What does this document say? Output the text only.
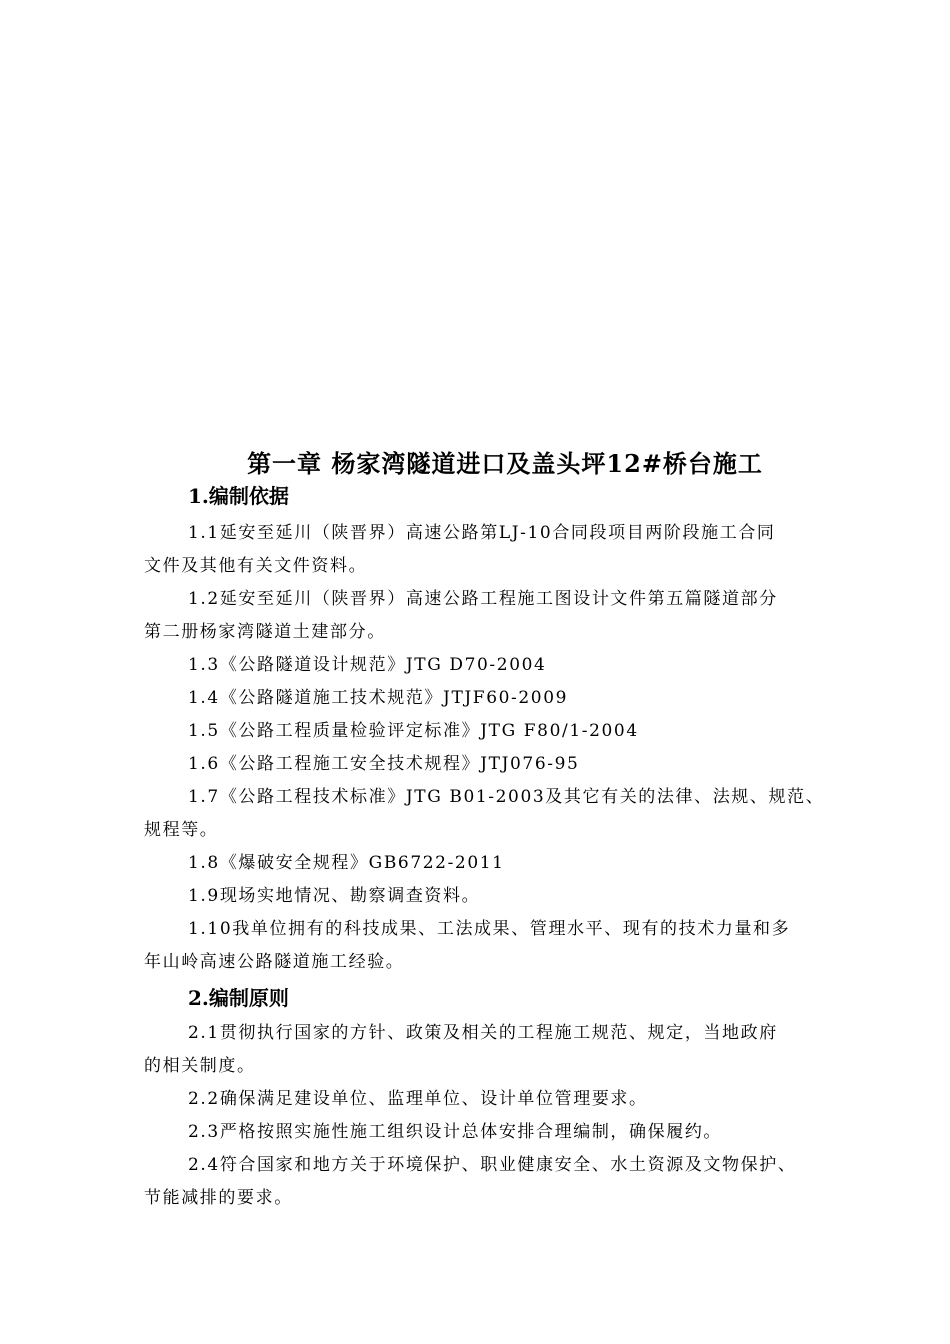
第一章 杨家湾隧道进口及盖头坪12#桥台施工
1.编制依据
1.1延安至延川（陕晋界）高速公路第LJ-10合同段项目两阶段施工合同
文件及其他有关文件资料。
1.2延安至延川（陕晋界）高速公路工程施工图设计文件第五篇隧道部分
第二册杨家湾隧道土建部分。
1.3《公路隧道设计规范》JTG D70-2004
1.4《公路隧道施工技术规范》JTJF60-2009
1.5《公路工程质量检验评定标准》JTG F80/1-2004
1.6《公路工程施工安全技术规程》JTJ076-95
1.7《公路工程技术标准》JTG B01-2003及其它有关的法律、法规、规范、
规程等。
1.8《爆破安全规程》GB6722-2011
1.9现场实地情况、勘察调查资料。
1.10我单位拥有的科技成果、工法成果、管理水平、现有的技术力量和多
年山岭高速公路隧道施工经验。
2.编制原则
2.1贯彻执行国家的方针、政策及相关的工程施工规范、规定，当地政府
的相关制度。
2.2确保满足建设单位、监理单位、设计单位管理要求。
2.3严格按照实施性施工组织设计总体安排合理编制，确保履约。
2.4符合国家和地方关于环境保护、职业健康安全、水土资源及文物保护、
节能减排的要求。
